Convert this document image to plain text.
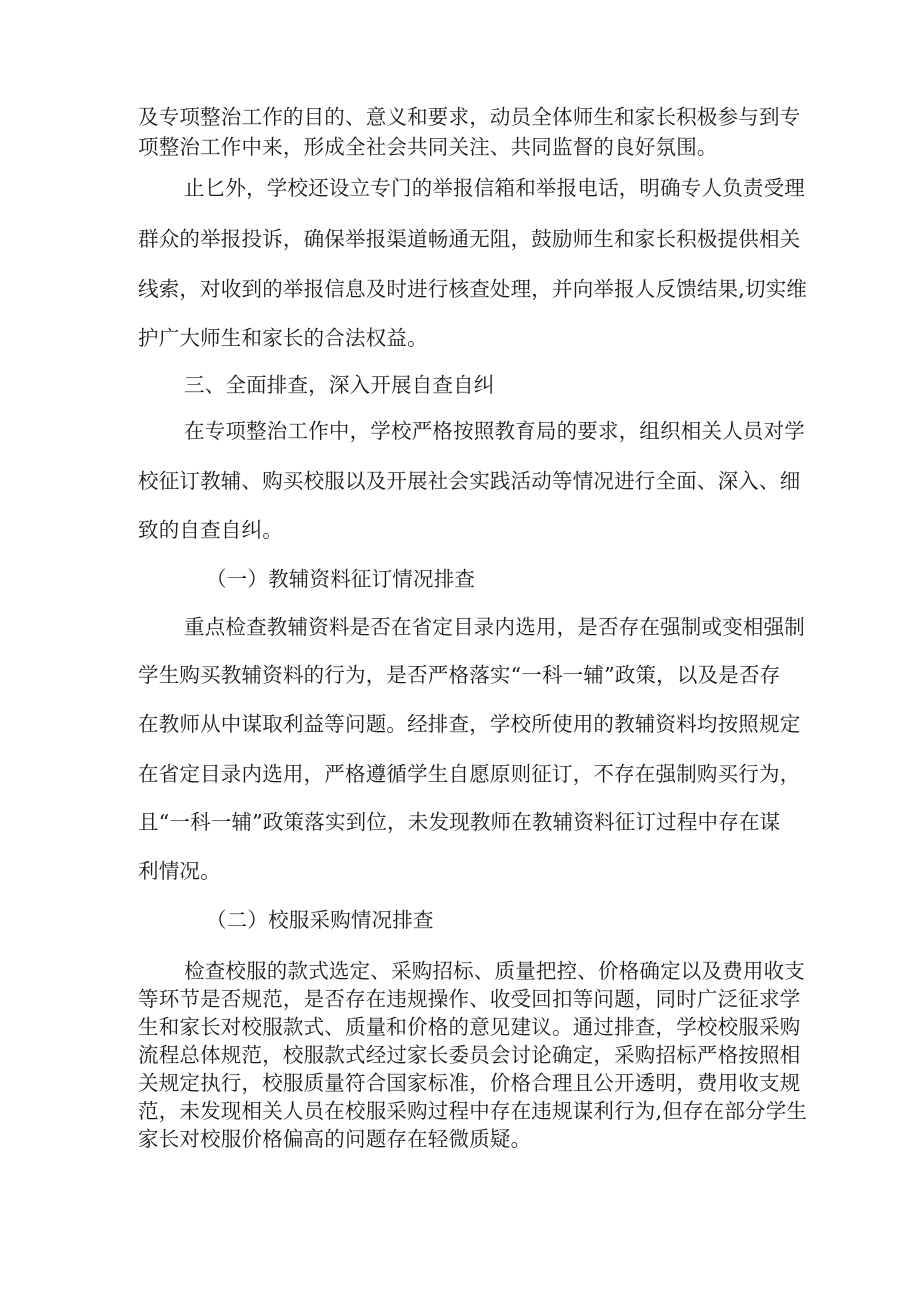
及专项整治工作的目的、意义和要求，动员全体师生和家长积极参与到专
项整治工作中来，形成全社会共同关注、共同监督的良好氛围。
止匕外，学校还设立专门的举报信箱和举报电话，明确专人负责受理
群众的举报投诉，确保举报渠道畅通无阻，鼓励师生和家长积极提供相关
线索，对收到的举报信息及时进行核查处理，并向举报人反馈结果,切实维
护广大师生和家长的合法权益。
三、全面排查，深入开展自查自纠
在专项整治工作中，学校严格按照教育局的要求，组织相关人员对学
校征订教辅、购买校服以及开展社会实践活动等情况进行全面、深入、细
致的自查自纠。
（一）教辅资料征订情况排查
重点检查教辅资料是否在省定目录内选用，是否存在强制或变相强制
学生购买教辅资料的行为，是否严格落实“一科一辅”政策，以及是否存
在教师从中谋取利益等问题。经排查，学校所使用的教辅资料均按照规定
在省定目录内选用，严格遵循学生自愿原则征订，不存在强制购买行为，
且“一科一辅”政策落实到位，未发现教师在教辅资料征订过程中存在谋
利情况。
（二）校服采购情况排查
检查校服的款式选定、采购招标、质量把控、价格确定以及费用收支
等环节是否规范，是否存在违规操作、收受回扣等问题，同时广泛征求学
生和家长对校服款式、质量和价格的意见建议。通过排查，学校校服采购
流程总体规范，校服款式经过家长委员会讨论确定，采购招标严格按照相
关规定执行，校服质量符合国家标准，价格合理且公开透明，费用收支规
范，未发现相关人员在校服采购过程中存在违规谋利行为,但存在部分学生
家长对校服价格偏高的问题存在轻微质疑。
